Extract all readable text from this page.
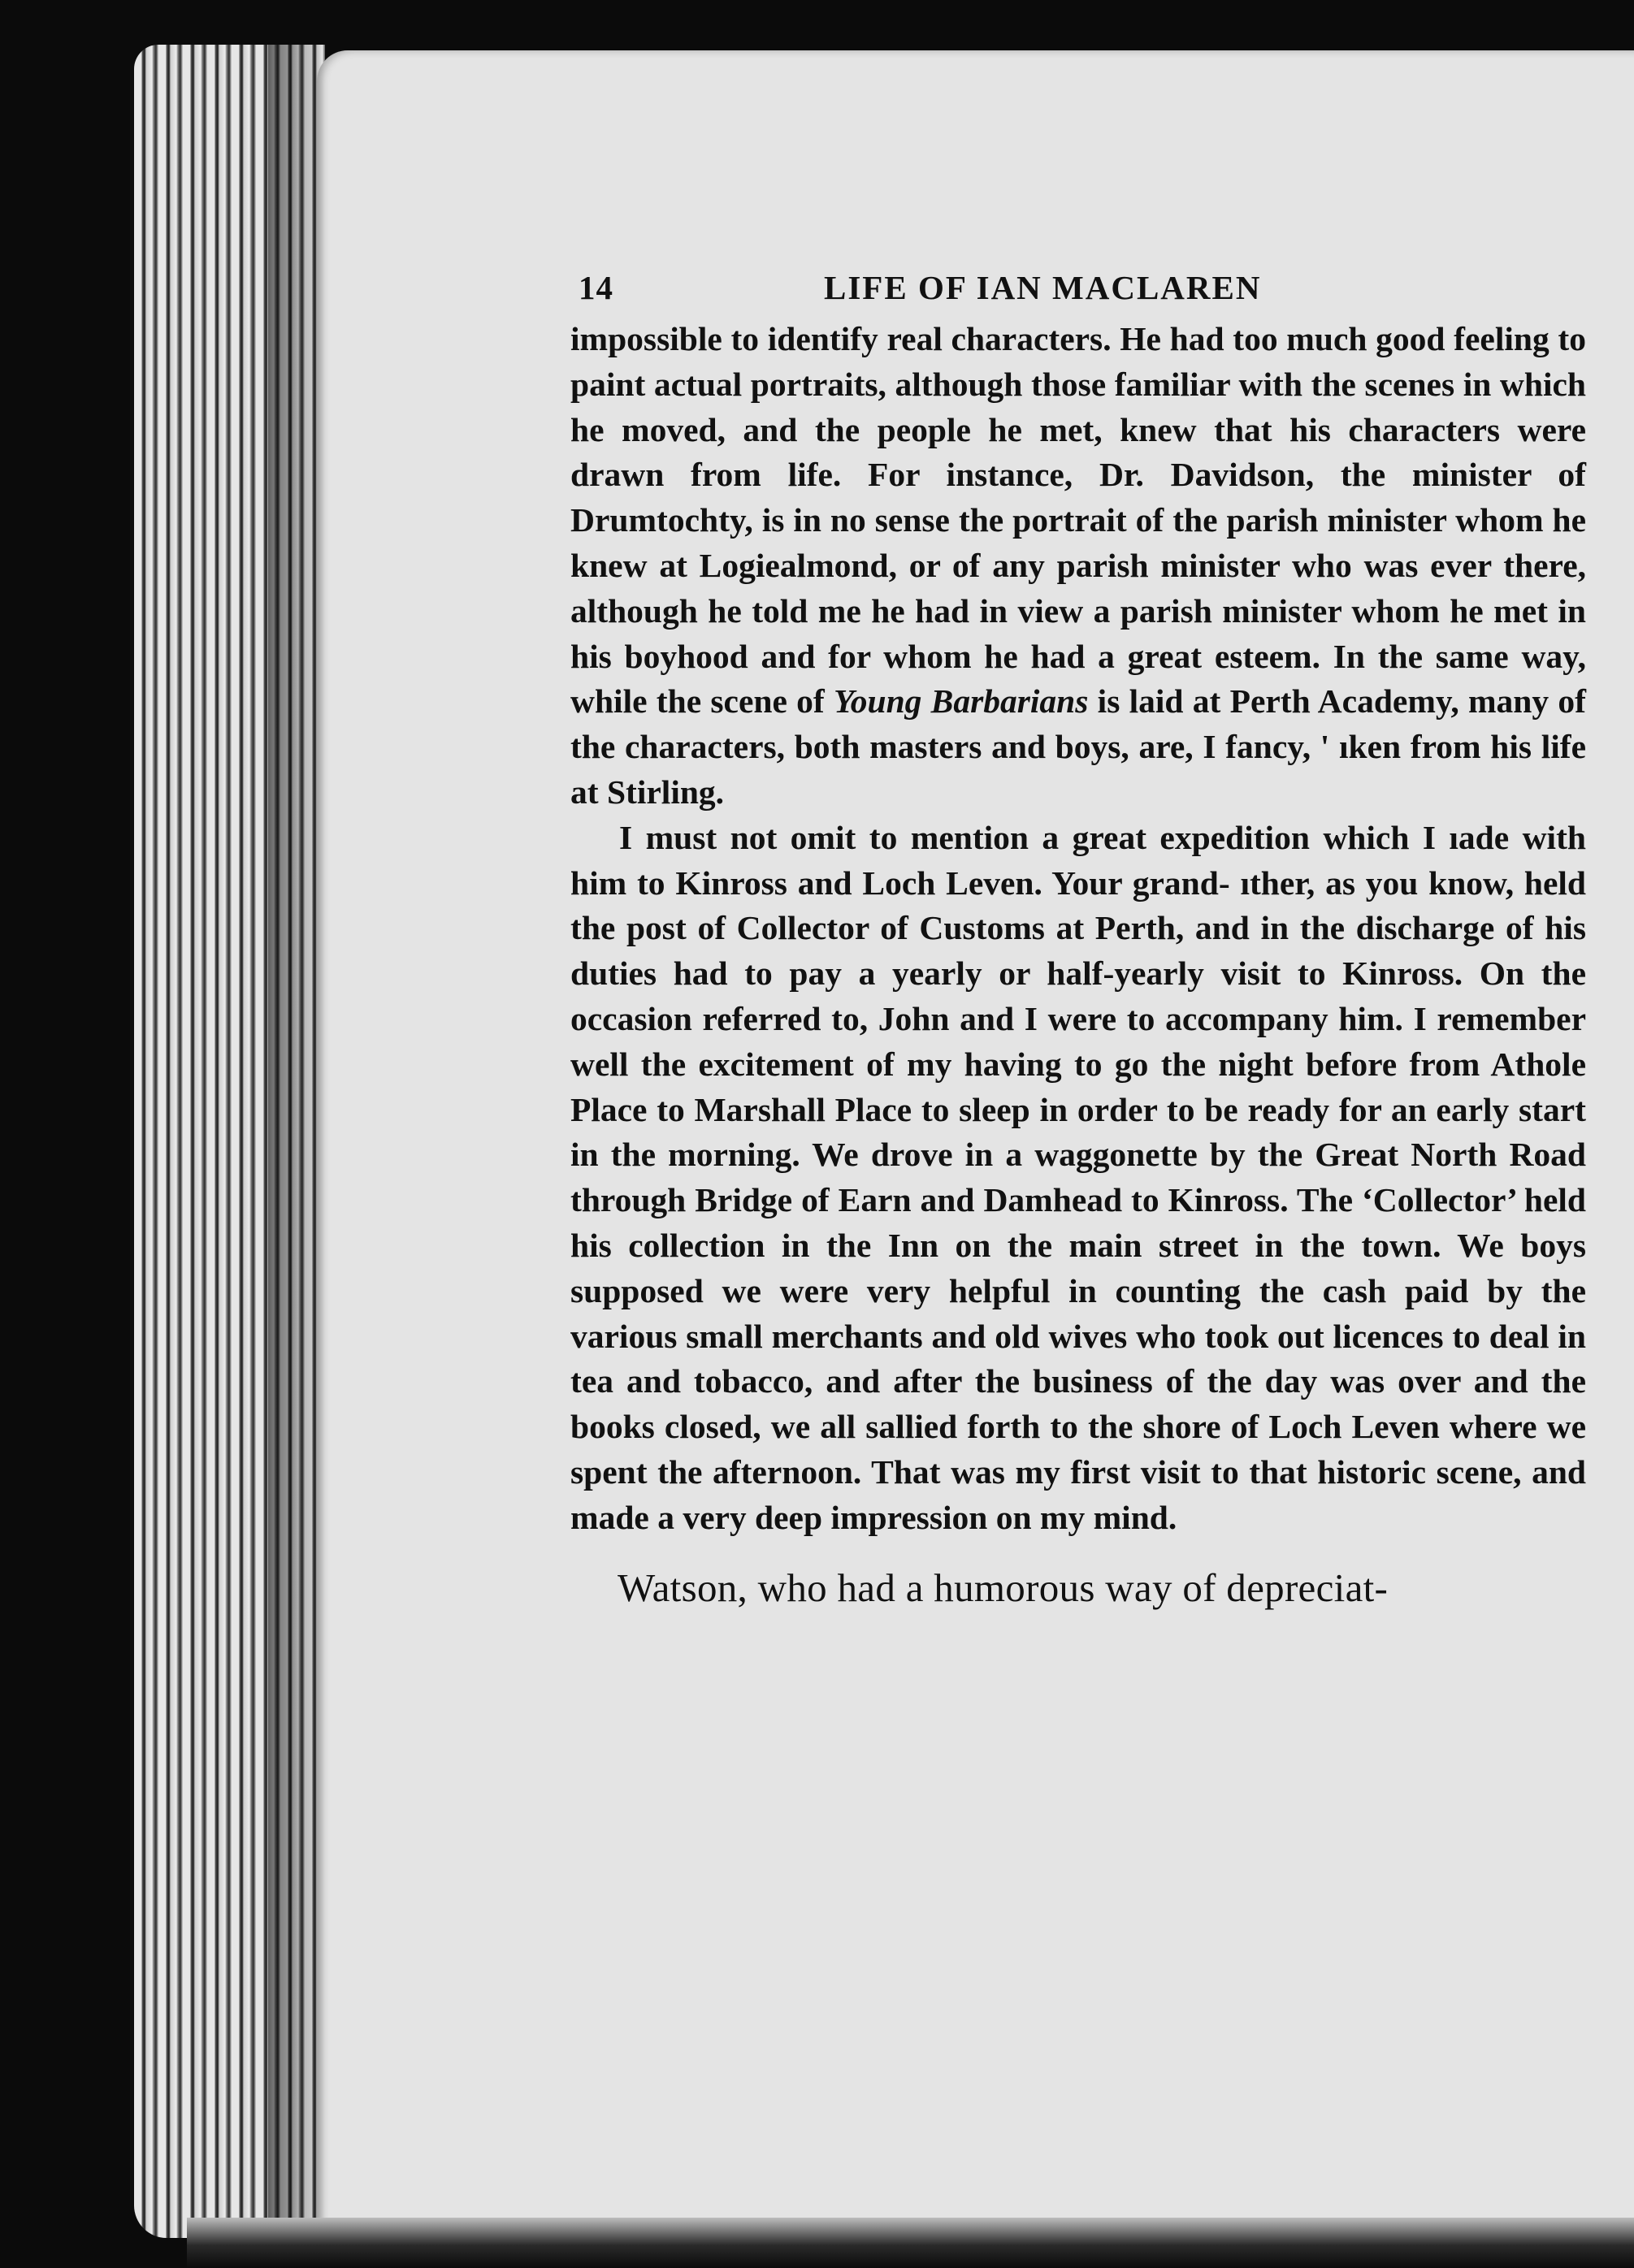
14	LIFE OF IAN MACLAREN

impossible to identify real characters. He had too much good feeling to paint actual portraits, although those familiar with the scenes in which he moved, and the people he met, knew that his characters were drawn from life. For instance, Dr. Davidson, the minister of Drumtochty, is in no sense the portrait of the parish minister whom he knew at Logiealmond, or of any parish minister who was ever there, although he told me he had in view a parish minister whom he met in his boyhood and for whom he had a great esteem. In the same way, while the scene of Young Barbarians is laid at Perth Academy, many of the characters, both masters and boys, are, I fancy, ' ıken from his life at Stirling.

I must not omit to mention a great expedition which I ıade with him to Kinross and Loch Leven. Your grand- ıther, as you know, held the post of Collector of Customs at Perth, and in the discharge of his duties had to pay a yearly or half-yearly visit to Kinross. On the occasion referred to, John and I were to accompany him. I remember well the excitement of my having to go the night before from Athole Place to Marshall Place to sleep in order to be ready for an early start in the morning. We drove in a waggonette by the Great North Road through Bridge of Earn and Damhead to Kinross. The ‘Collector’ held his collection in the Inn on the main street in the town. We boys supposed we were very helpful in counting the cash paid by the various small merchants and old wives who took out licences to deal in tea and tobacco, and after the business of the day was over and the books closed, we all sallied forth to the shore of Loch Leven where we spent the afternoon. That was my first visit to that historic scene, and made a very deep impression on my mind.

Watson, who had a humorous way of depreciat-
